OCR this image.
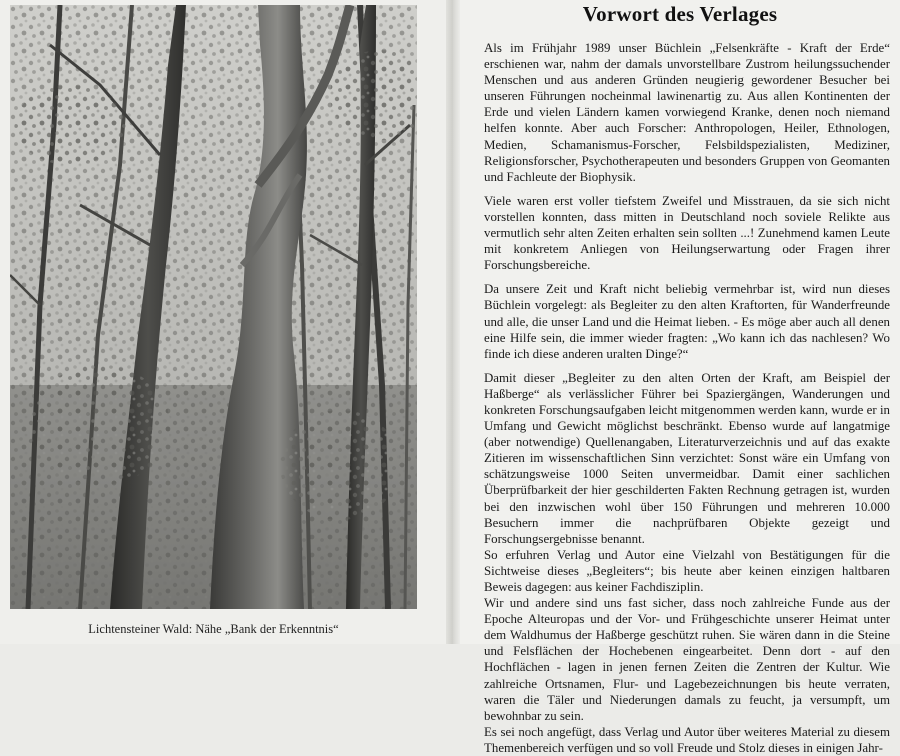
Lichtensteiner Wald: Nähe „Bank der Erkenntnis“
Vorwort des Verlages

Als im Frühjahr 1989 unser Büchlein „Felsenkräfte - Kraft der Erde“ erschienen war, nahm der damals unvorstellbare Zustrom heilungssuchender Menschen und aus anderen Gründen neugierig gewordener Besucher bei unseren Führungen nocheinmal lawinenartig zu. Aus allen Kontinenten der Erde und vielen Ländern kamen vorwiegend Kranke, denen noch niemand helfen konnte. Aber auch Forscher: Anthropologen, Heiler, Ethnologen, Medien, Schamanismus-Forscher, Felsbildspezialisten, Mediziner, Religionsforscher, Psychotherapeuten und besonders Gruppen von Geomanten und Fachleute der Biophysik.

Viele waren erst voller tiefstem Zweifel und Misstrauen, da sie sich nicht vorstellen konnten, dass mitten in Deutschland noch soviele Relikte aus vermutlich sehr alten Zeiten erhalten sein sollten ...! Zunehmend kamen Leute mit konkretem Anliegen von Heilungserwartung oder Fragen ihrer Forschungsbereiche.

Da unsere Zeit und Kraft nicht beliebig vermehrbar ist, wird nun dieses Büchlein vorgelegt: als Begleiter zu den alten Kraftorten, für Wanderfreunde und alle, die unser Land und die Heimat lieben. - Es möge aber auch all denen eine Hilfe sein, die immer wieder fragten: „Wo kann ich das nachlesen? Wo finde ich diese anderen uralten Dinge?“

Damit dieser „Begleiter zu den alten Orten der Kraft, am Beispiel der Haßberge“ als verlässlicher Führer bei Spaziergängen, Wanderungen und konkreten Forschungsaufgaben leicht mitgenommen werden kann, wurde er in Umfang und Gewicht möglichst beschränkt. Ebenso wurde auf langatmige (aber notwendige) Quellenangaben, Literaturverzeichnis und auf das exakte Zitieren im wissenschaftlichen Sinn verzichtet: Sonst wäre ein Umfang von schätzungsweise 1000 Seiten unvermeidbar. Damit einer sachlichen Überprüfbarkeit der hier geschilderten Fakten Rechnung getragen ist, wurden bei den inzwischen wohl über 150 Führungen und mehreren 10.000 Besuchern immer die nachprüfbaren Objekte gezeigt und Forschungsergebnisse benannt.

So erfuhren Verlag und Autor eine Vielzahl von Bestätigungen für die Sichtweise dieses „Begleiters“; bis heute aber keinen einzigen haltbaren Beweis dagegen: aus keiner Fachdisziplin.

Wir und andere sind uns fast sicher, dass noch zahlreiche Funde aus der Epoche Alteuropas und der Vor- und Frühgeschichte unserer Heimat unter dem Waldhumus der Haßberge geschützt ruhen. Sie wären dann in die Steine und Felsflächen der Hochebenen eingearbeitet. Denn dort - auf den Hochflächen - lagen in jenen fernen Zeiten die Zentren der Kultur. Wie zahlreiche Ortsnamen, Flur- und Lagebezeichnungen bis heute verraten, waren die Täler und Niederungen damals zu feucht, ja versumpft, um bewohnbar zu sein.

Es sei noch angefügt, dass Verlag und Autor über weiteres Material zu diesem Themenbereich verfügen und so voll Freude und Stolz dieses in einigen Jahr-
